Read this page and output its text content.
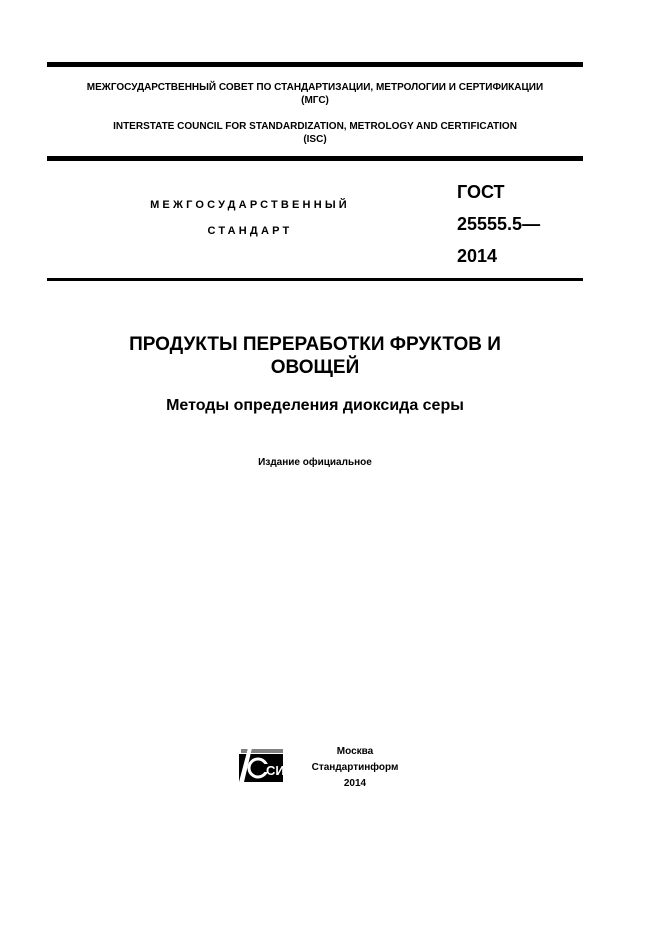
МЕЖГОСУДАРСТВЕННЫЙ СОВЕТ ПО СТАНДАРТИЗАЦИИ, МЕТРОЛОГИИ И СЕРТИФИКАЦИИ
(МГС)
INTERSTATE COUNCIL FOR STANDARDIZATION, METROLOGY AND CERTIFICATION
(ISC)
МЕЖГОСУДАРСТВЕННЫЙ
СТАНДАРТ
ГОСТ
25555.5—
2014
ПРОДУКТЫ ПЕРЕРАБОТКИ ФРУКТОВ И
ОВОЩЕЙ
Методы определения диоксида серы
Издание официальное
СИ
Москва
Стандартинформ
2014
